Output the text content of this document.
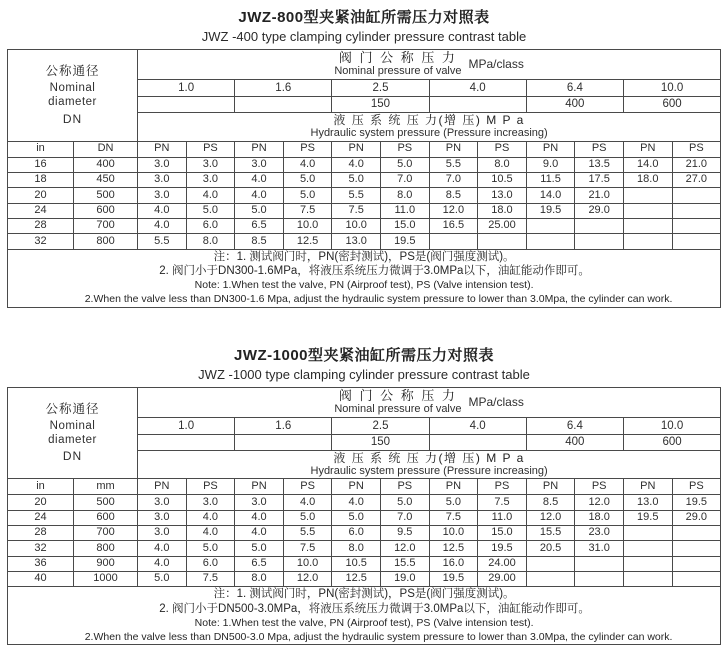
JWZ-800型夹紧油缸所需压力对照表
JWZ -400 type clamping cylinder pressure contrast table
公称通径
Nominal
diameter
DN

阀 门 公 称 压 力
Nominal pressure of valve
MPa/class

		1.0		1.6		2.5		4.0		6.4		10.0	
						150				400		600	

		液 压 系 统 压 力(增 压) M P a
Hydraulic system pressure (Pressure increasing)											

in	DN	PN	PS	PN	PS	PN	PS	PN	PS	PN	PS	PN	PS
16	400	3.0	3.0	3.0	4.0	4.0	5.0	5.5	8.0	9.0	13.5	14.0	21.0
18	450	3.0	3.0	4.0	5.0	5.0	7.0	7.0	10.5	11.5	17.5	18.0	27.0
20	500	3.0	4.0	4.0	5.0	5.5	8.0	8.5	13.0	14.0	21.0		
24	600	4.0	5.0	5.0	7.5	7.5	11.0	12.0	18.0	19.5	29.0		
28	700	4.0	6.0	6.5	10.0	10.0	15.0	16.5	25.00				
32	800	5.5	8.0	8.5	12.5	13.0	19.5						

注：1. 测试阀门时，PN(密封测试)，PS是(阀门强度测试)。
2. 阀门小于DN300-1.6MPa，将液压系统压力微调于3.0MPa以下，油缸能动作即可。
Note: 1.When test the valve, PN (Airproof test), PS (Valve intension test).
2.When the valve less than DN300-1.6 Mpa, adjust the hydraulic system pressure to lower than 3.0Mpa, the cylinder can work.													
JWZ-1000型夹紧油缸所需压力对照表
JWZ -1000 type clamping cylinder pressure contrast table
公称通径
Nominal
diameter
DN

阀 门 公 称 压 力
Nominal pressure of valve
MPa/class

		1.0		1.6		2.5		4.0		6.4		10.0	
						150				400		600	

		液 压 系 统 压 力(增 压) M P a
Hydraulic system pressure (Pressure increasing)											

in	mm	PN	PS	PN	PS	PN	PS	PN	PS	PN	PS	PN	PS
20	500	3.0	3.0	3.0	4.0	4.0	5.0	5.0	7.5	8.5	12.0	13.0	19.5
24	600	3.0	4.0	4.0	5.0	5.0	7.0	7.5	11.0	12.0	18.0	19.5	29.0
28	700	3.0	4.0	4.0	5.5	6.0	9.5	10.0	15.0	15.5	23.0		
32	800	4.0	5.0	5.0	7.5	8.0	12.0	12.5	19.5	20.5	31.0		
36	900	4.0	6.0	6.5	10.0	10.5	15.5	16.0	24.00				
40	1000	5.0	7.5	8.0	12.0	12.5	19.0	19.5	29.00				

注：1. 测试阀门时，PN(密封测试)，PS是(阀门强度测试)。
2. 阀门小于DN500-3.0MPa，将液压系统压力微调于3.0MPa以下，油缸能动作即可。
Note: 1.When test the valve, PN (Airproof test), PS (Valve intension test).
2.When the valve less than DN500-3.0 Mpa, adjust the hydraulic system pressure to lower than 3.0Mpa, the cylinder can work.													
